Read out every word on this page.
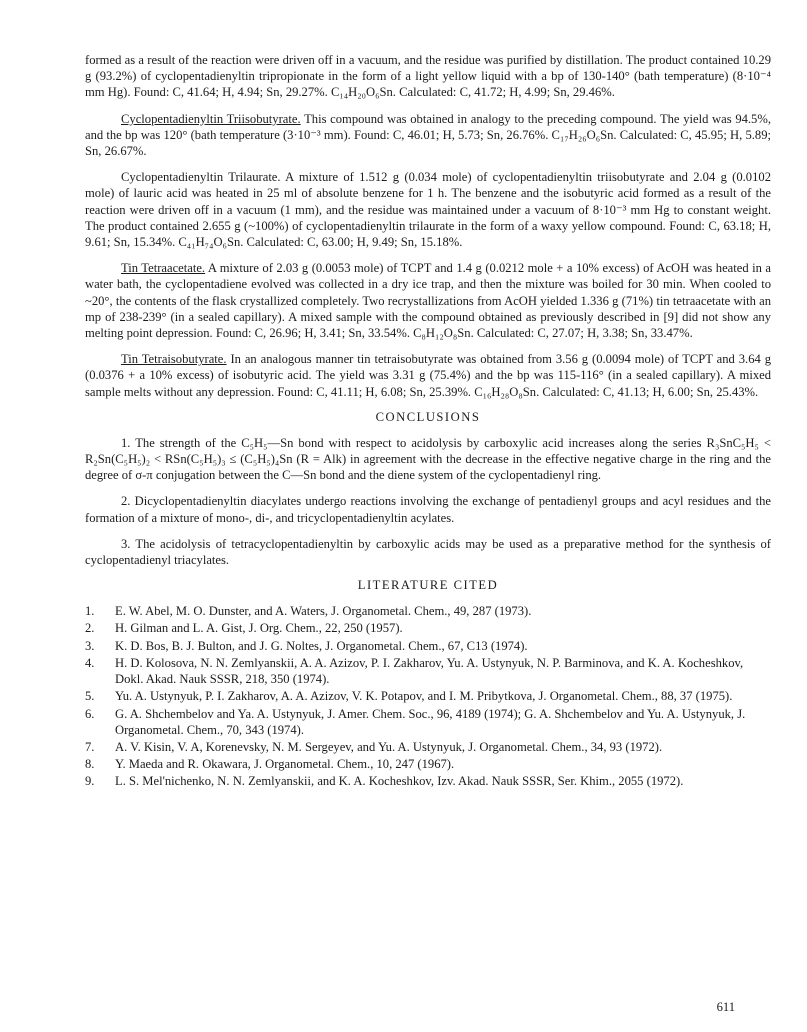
formed as a result of the reaction were driven off in a vacuum, and the residue was purified by distillation. The product contained 10.29 g (93.2%) of cyclopentadienyltin tripropionate in the form of a light yellow liquid with a bp of 130-140° (bath temperature) (8·10⁻⁴ mm Hg). Found: C, 41.64; H, 4.94; Sn, 29.27%. C₁₄H₂₀O₆Sn. Calculated: C, 41.72; H, 4.99; Sn, 29.46%.

Cyclopentadienyltin Triisobutyrate. This compound was obtained in analogy to the preceding compound. The yield was 94.5%, and the bp was 120° (bath temperature (3·10⁻³ mm). Found: C, 46.01; H, 5.73; Sn, 26.76%. C₁₇H₂₆O₆Sn. Calculated: C, 45.95; H, 5.89; Sn, 26.67%.

Cyclopentadienyltin Trilaurate. A mixture of 1.512 g (0.034 mole) of cyclopentadienyltin triisobutyrate and 2.04 g (0.0102 mole) of lauric acid was heated in 25 ml of absolute benzene for 1 h. The benzene and the isobutyric acid formed as a result of the reaction were driven off in a vacuum (1 mm), and the residue was maintained under a vacuum of 8·10⁻³ mm Hg to constant weight. The product contained 2.655 g (~100%) of cyclopentadienyltin trilaurate in the form of a waxy yellow compound. Found: C, 63.18; H, 9.61; Sn, 15.34%. C₄₁H₇₄O₆Sn. Calculated: C, 63.00; H, 9.49; Sn, 15.18%.

Tin Tetraacetate. A mixture of 2.03 g (0.0053 mole) of TCPT and 1.4 g (0.0212 mole + a 10% excess) of AcOH was heated in a water bath, the cyclopentadiene evolved was collected in a dry ice trap, and then the mixture was boiled for 30 min. When cooled to ~20°, the contents of the flask crystallized completely. Two recrystallizations from AcOH yielded 1.336 g (71%) tin tetraacetate with an mp of 238-239° (in a sealed capillary). A mixed sample with the compound obtained as previously described in [9] did not show any melting point depression. Found: C, 26.96; H, 3.41; Sn, 33.54%. C₈H₁₂O₈Sn. Calculated: C, 27.07; H, 3.38; Sn, 33.47%.

Tin Tetraisobutyrate. In an analogous manner tin tetraisobutyrate was obtained from 3.56 g (0.0094 mole) of TCPT and 3.64 g (0.0376 + a 10% excess) of isobutyric acid. The yield was 3.31 g (75.4%) and the bp was 115-116° (in a sealed capillary). A mixed sample melts without any depression. Found: C, 41.11; H, 6.08; Sn, 25.39%. C₁₆H₂₈O₈Sn. Calculated: C, 41.13; H, 6.00; Sn, 25.43%.

CONCLUSIONS

1. The strength of the C₅H₅—Sn bond with respect to acidolysis by carboxylic acid increases along the series R₃SnC₅H₅ < R₂Sn(C₅H₅)₂ < RSn(C₅H₅)₃ ≤ (C₅H₅)₄Sn (R = Alk) in agreement with the decrease in the effective negative charge in the ring and the degree of σ-π conjugation between the C—Sn bond and the diene system of the cyclopentadienyl ring.

2. Dicyclopentadienyltin diacylates undergo reactions involving the exchange of pentadienyl groups and acyl residues and the formation of a mixture of mono-, di-, and tricyclopentadienyltin acylates.

3. The acidolysis of tetracyclopentadienyltin by carboxylic acids may be used as a preparative method for the synthesis of cyclopentadienyl triacylates.

LITERATURE CITED
1.	E. W. Abel, M. O. Dunster, and A. Waters, J. Organometal. Chem., 49, 287 (1973).
2.	H. Gilman and L. A. Gist, J. Org. Chem., 22, 250 (1957).
3.	K. D. Bos, B. J. Bulton, and J. G. Noltes, J. Organometal. Chem., 67, C13 (1974).
4.	H. D. Kolosova, N. N. Zemlyanskii, A. A. Azizov, P. I. Zakharov, Yu. A. Ustynyuk, N. P. Barminova, and K. A. Kocheshkov, Dokl. Akad. Nauk SSSR, 218, 350 (1974).
5.	Yu. A. Ustynyuk, P. I. Zakharov, A. A. Azizov, V. K. Potapov, and I. M. Pribytkova, J. Organometal. Chem., 88, 37 (1975).
6.	G. A. Shchembelov and Ya. A. Ustynyuk, J. Amer. Chem. Soc., 96, 4189 (1974); G. A. Shchembelov and Yu. A. Ustynyuk, J. Organometal. Chem., 70, 343 (1974).
7.	A. V. Kisin, V. A, Korenevsky, N. M. Sergeyev, and Yu. A. Ustynyuk, J. Organometal. Chem., 34, 93 (1972).
8.	Y. Maeda and R. Okawara, J. Organometal. Chem., 10, 247 (1967).
9.	L. S. Mel'nichenko, N. N. Zemlyanskii, and K. A. Kocheshkov, Izv. Akad. Nauk SSSR, Ser. Khim., 2055 (1972).
611
